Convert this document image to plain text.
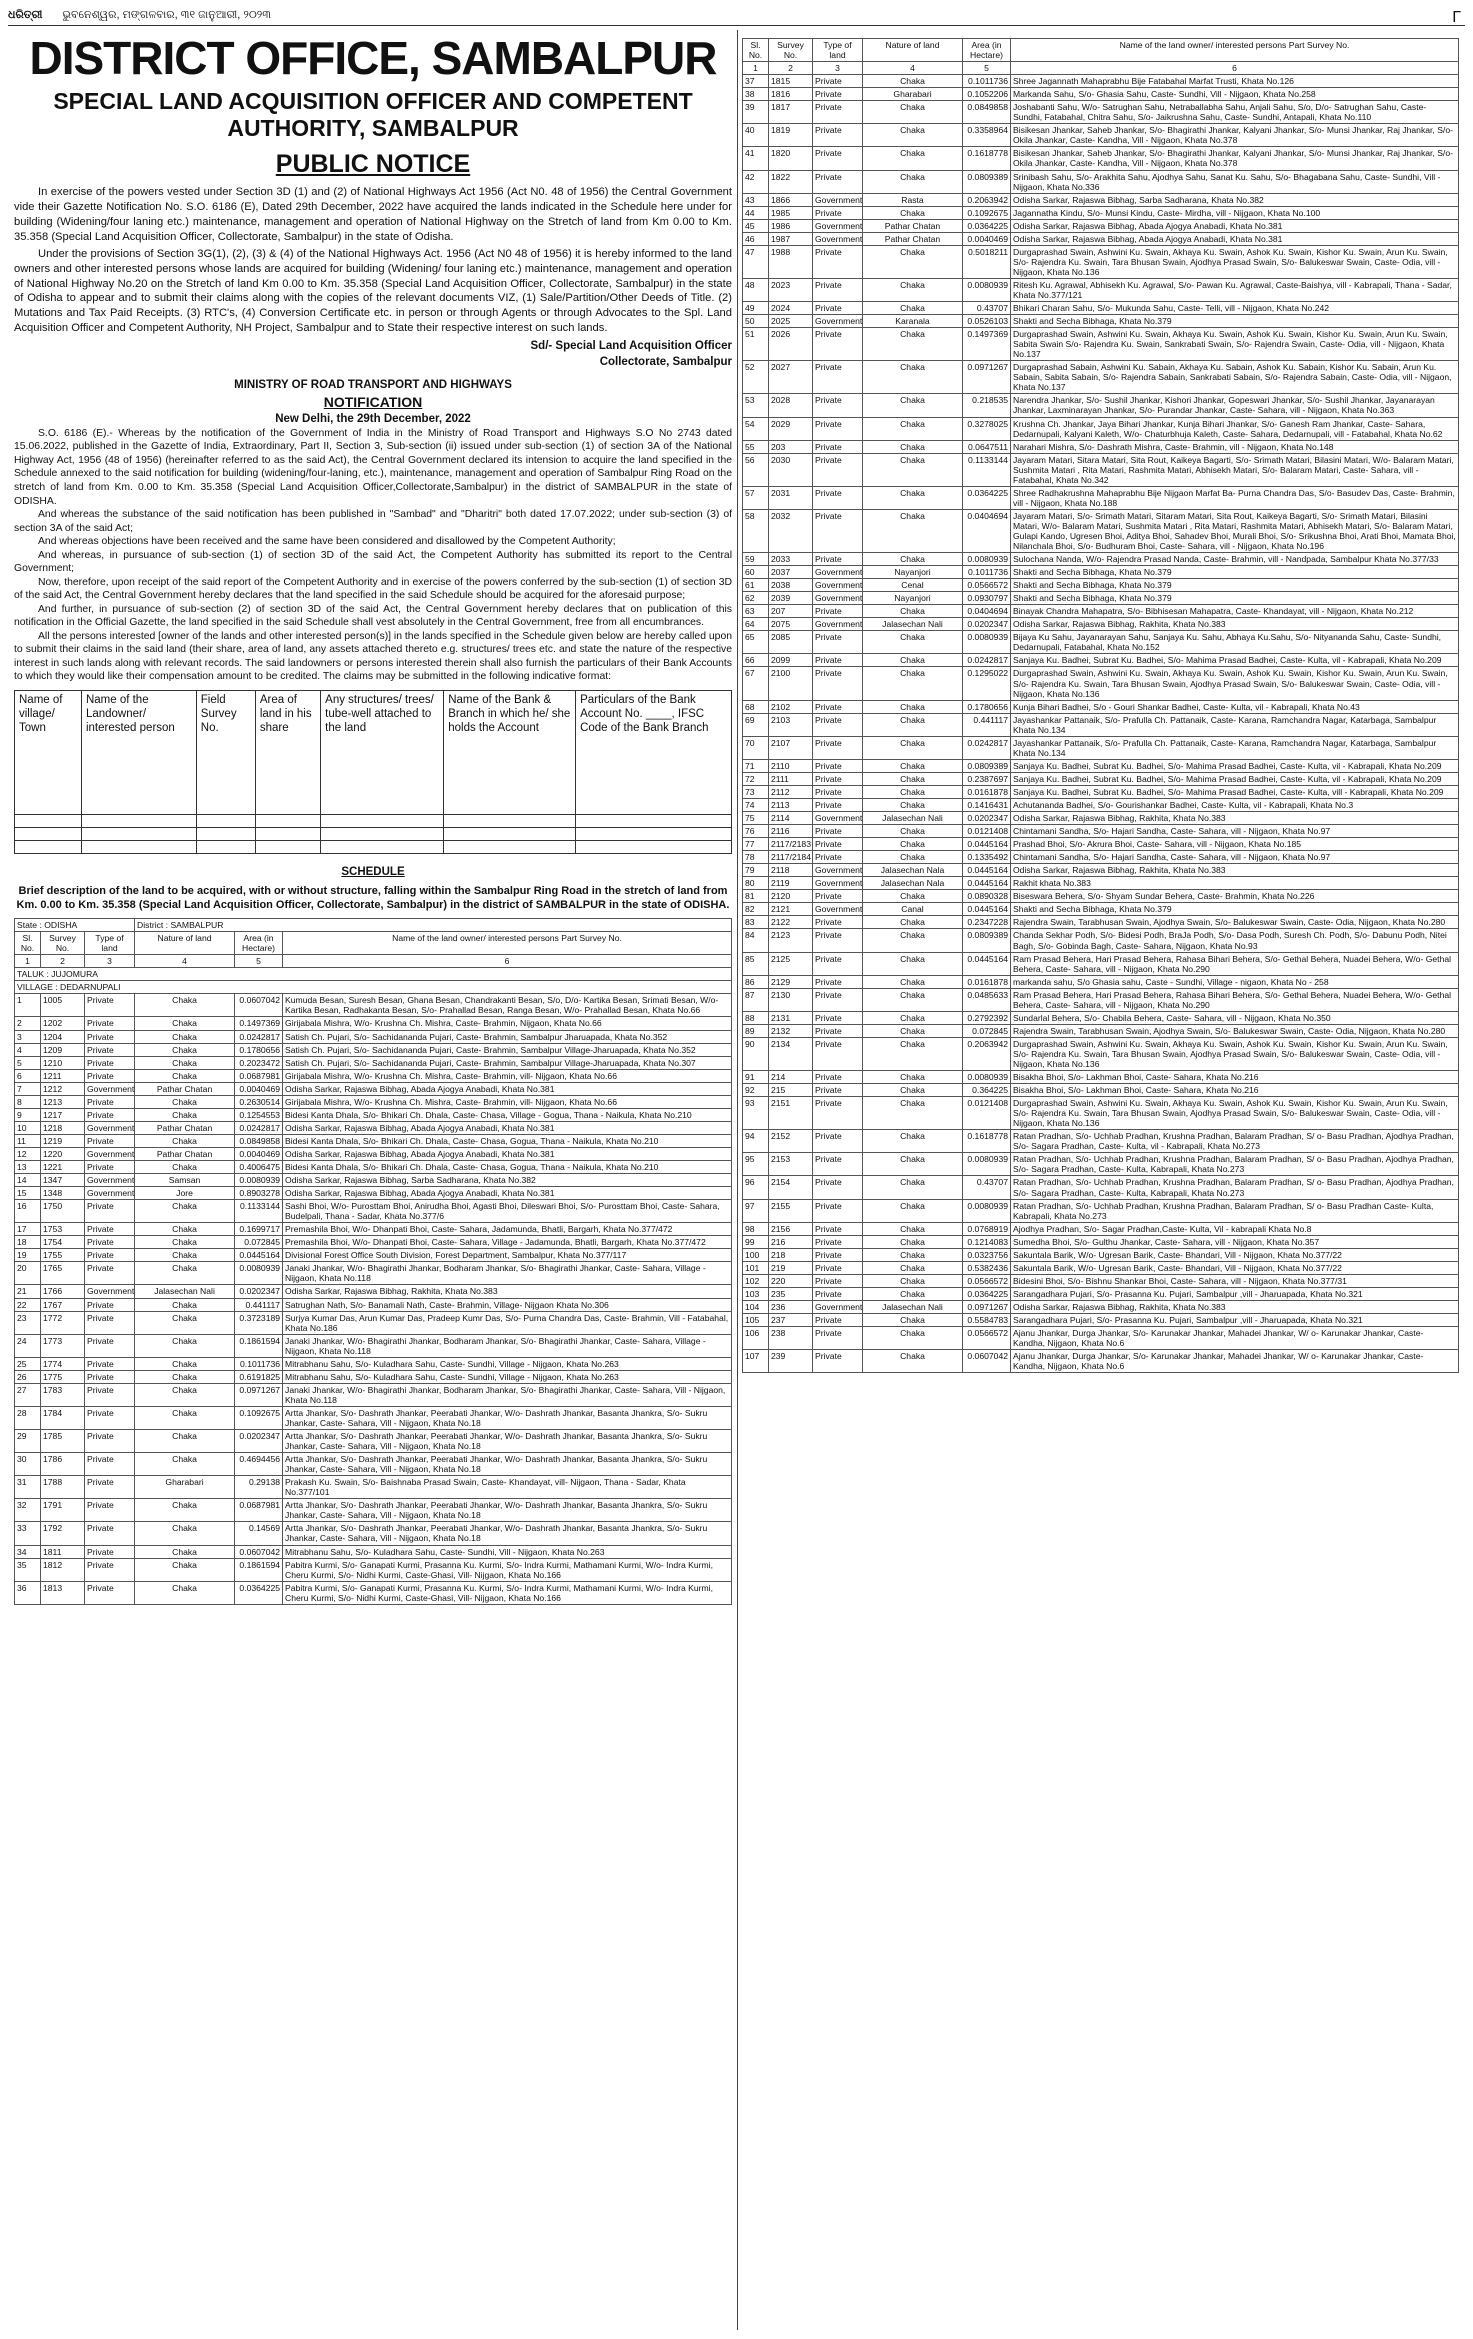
ଧରିତ୍ରୀ ଭୁବନେଶ୍ୱର, ମଙ୍ଗଳବାର, ୩୧ ଜାନୁଆରୀ, ୨୦୨୩	Γ
DISTRICT OFFICE, SAMBALPUR
SPECIAL LAND ACQUISITION OFFICER AND COMPETENT AUTHORITY, SAMBALPUR
PUBLIC NOTICE

In exercise of the powers vested under Section 3D (1) and (2) of National Highways Act 1956 (Act N0. 48 of 1956) the Central Government vide their Gazette Notification No. S.O. 6186 (E), Dated 29th December, 2022 have acquired the lands indicated in the Schedule here under for building (Widening/four laning etc.) maintenance, management and operation of National Highway on the Stretch of land from Km 0.00 to Km. 35.358 (Special Land Acquisition Officer, Collectorate, Sambalpur) in the state of Odisha.

Under the provisions of Section 3G(1), (2), (3) & (4) of the National Highways Act. 1956 (Act N0 48 of 1956) it is hereby informed to the land owners and other interested persons whose lands are acquired for building (Widening/ four laning etc.) maintenance, management and operation of National Highway No.20 on the Stretch of land Km 0.00 to Km. 35.358 (Special Land Acquisition Officer, Collectorate, Sambalpur) in the state of Odisha to appear and to submit their claims along with the copies of the relevant documents VIZ, (1) Sale/Partition/Other Deeds of Title. (2) Mutations and Tax Paid Receipts. (3) RTC's, (4) Conversion Certificate etc. in person or through Agents or through Advocates to the Spl. Land Acquisition Officer and Competent Authority, NH Project, Sambalpur and to State their respective interest on such lands.

Sd/- Special Land Acquisition Officer
Collectorate, Sambalpur
MINISTRY OF ROAD TRANSPORT AND HIGHWAYS
NOTIFICATION
New Delhi, the 29th December, 2022

S.O. 6186 (E).- Whereas by the notification of the Government of India in the Ministry of Road Transport and Highways S.O No 2743 dated 15.06.2022, published in the Gazette of India, Extraordinary, Part II, Section 3, Sub-section (ii) issued under sub-section (1) of section 3A of the National Highway Act, 1956 (48 of 1956) (hereinafter referred to as the said Act), the Central Government declared its intension to acquire the land specified in the Schedule annexed to the said notification for building (widening/four-laning, etc.), maintenance, management and operation of Sambalpur Ring Road on the stretch of land from Km. 0.00 to Km. 35.358 (Special Land Acquisition Officer,Collectorate,Sambalpur) in the district of SAMBALPUR in the state of ODISHA.

And whereas the substance of the said notification has been published in "Sambad" and "Dharitri" both dated 17.07.2022; under sub-section (3) of section 3A of the said Act;

And whereas objections have been received and the same have been considered and disallowed by the Competent Authority;

And whereas, in pursuance of sub-section (1) of section 3D of the said Act, the Competent Authority has submitted its report to the Central Government;

Now, therefore, upon receipt of the said report of the Competent Authority and in exercise of the powers conferred by the sub-section (1) of section 3D of the said Act, the Central Government hereby declares that the land specified in the said Schedule should be acquired for the aforesaid purpose;

And further, in pursuance of sub-section (2) of section 3D of the said Act, the Central Government hereby declares that on publication of this notification in the Official Gazette, the land specified in the said Schedule shall vest absolutely in the Central Government, free from all encumbrances.

All the persons interested [owner of the lands and other interested person(s)] in the lands specified in the Schedule given below are hereby called upon to submit their claims in the said land (their share, area of land, any assets attached thereto e.g. structures/ trees etc. and state the nature of the respective interest in such lands along with relevant records. The said landowners or persons interested therein shall also furnish the particulars of their Bank Accounts to which they would like their compensation amount to be credited. The claims may be submitted in the following indicative format:

Name of village/ Town	Name of the Landowner/ interested person	Field Survey No.	Area of land in his share	Any structures/ trees/ tube-well attached to the land	Name of the Bank & Branch in which he/ she holds the Account	Particulars of the Bank Account No. ____, IFSC Code of the Bank Branch

SCHEDULE
Brief description of the land to be acquired, with or without structure, falling within the Sambalpur Ring Road in the stretch of land from Km. 0.00 to Km. 35.358 (Special Land Acquisition Officer, Collectorate, Sambalpur) in the district of SAMBALPUR in the state of ODISHA.
State : ODISHA			District : SAMBALPUR		
Sl. No.	Survey No.	Type of land	Nature of land	Area (in Hectare)	Name of the land owner/ interested persons Part Survey No.
1	2	3	4	5	6
TALUK : JUJOMURA					
VILLAGE : DEDARNUPALI					
1	1005	Private	Chaka	0.0607042	Kumuda Besan, Suresh Besan, Ghana Besan, Chandrakanti Besan, S/o, D/o- Kartika Besan, Srimati Besan, W/o- Kartika Besan, Radhakanta Besan, S/o- Prahallad Besan, Ranga Besan, W/o- Prahallad Besan, Khata No.66
2	1202	Private	Chaka	0.1497369	Girijabala Mishra, W/o- Krushna Ch. Mishra, Caste- Brahmin, Nijgaon, Khata No.66
3	1204	Private	Chaka	0.0242817	Satish Ch. Pujari, S/o- Sachidananda Pujari, Caste- Brahmin, Sambalpur Jharuapada, Khata No.352
4	1209	Private	Chaka	0.1780656	Satish Ch. Pujari, S/o- Sachidananda Pujari, Caste- Brahmin, Sambalpur Village-Jharuapada, Khata No.352
5	1210	Private	Chaka	0.2023472	Satish Ch. Pujari, S/o- Sachidananda Pujari, Caste- Brahmin, Sambalpur Village-Jharuapada, Khata No.307
6	1211	Private	Chaka	0.0687981	Girijabala Mishra, W/o- Krushna Ch. Mishra, Caste- Brahmin, vill- Nijgaon, Khata No.66
7	1212	Government	Pathar Chatan	0.0040469	Odisha Sarkar, Rajaswa Bibhag, Abada Ajogya Anabadi, Khata No.381
8	1213	Private	Chaka	0.2630514	Girijabala Mishra, W/o- Krushna Ch. Mishra, Caste- Brahmin, vill- Nijgaon, Khata No.66
9	1217	Private	Chaka	0.1254553	Bidesi Kanta Dhala, S/o- Bhikari Ch. Dhala, Caste- Chasa, Village - Gogua, Thana - Naikula, Khata No.210
10	1218	Government	Pathar Chatan	0.0242817	Odisha Sarkar, Rajaswa Bibhag, Abada Ajogya Anabadi, Khata No.381
11	1219	Private	Chaka	0.0849858	Bidesi Kanta Dhala, S/o- Bhikari Ch. Dhala, Caste- Chasa, Gogua, Thana - Naikula, Khata No.210
12	1220	Government	Pathar Chatan	0.0040469	Odisha Sarkar, Rajaswa Bibhag, Abada Ajogya Anabadi, Khata No.381
13	1221	Private	Chaka	0.4006475	Bidesi Kanta Dhala, S/o- Bhikari Ch. Dhala, Caste- Chasa, Gogua, Thana - Naikula, Khata No.210
14	1347	Government	Samsan	0.0080939	Odisha Sarkar, Rajaswa Bibhag, Sarba Sadharana, Khata No.382
15	1348	Government	Jore	0.8903278	Odisha Sarkar, Rajaswa Bibhag, Abada Ajogya Anabadi, Khata No.381
16	1750	Private	Chaka	0.1133144	Sashi Bhoi, W/o- Purosttam Bhoi, Anirudha Bhoi, Agasti Bhoi, Dileswari Bhoi, S/o- Purosttam Bhoi, Caste- Sahara, Budelpali, Thana - Sadar, Khata No.377/6
17	1753	Private	Chaka	0.1699717	Premashila Bhoi, W/o- Dhanpati Bhoi, Caste- Sahara, Jadamunda, Bhatli, Bargarh, Khata No.377/472
18	1754	Private	Chaka	0.072845	Premashila Bhoi, W/o- Dhanpati Bhoi, Caste- Sahara, Village - Jadamunda, Bhatli, Bargarh, Khata No.377/472
19	1755	Private	Chaka	0.0445164	Divisional Forest Office South Division, Forest Department, Sambalpur, Khata No.377/117
20	1765	Private	Chaka	0.0080939	Janaki Jhankar, W/o- Bhagirathi Jhankar, Bodharam Jhankar, S/o- Bhagirathi Jhankar, Caste- Sahara, Village - Nijgaon, Khata No.118
21	1766	Government	Jalasechan Nali	0.0202347	Odisha Sarkar, Rajaswa Bibhag, Rakhita, Khata No.383
22	1767	Private	Chaka	0.441117	Satrughan Nath, S/o- Banamali Nath, Caste- Brahmin, Village- Nijgaon Khata No.306
23	1772	Private	Chaka	0.3723189	Surjya Kumar Das, Arun Kumar Das, Pradeep Kumr Das, S/o- Purna Chandra Das, Caste- Brahmin, Vill - Fatabahal, Khata No.186
24	1773	Private	Chaka	0.1861594	Janaki Jhankar, W/o- Bhagirathi Jhankar, Bodharam Jhankar, S/o- Bhagirathi Jhankar, Caste- Sahara, Village - Nijgaon, Khata No.118
25	1774	Private	Chaka	0.1011736	Mitrabhanu Sahu, S/o- Kuladhara Sahu, Caste- Sundhi, Village - Nijgaon, Khata No.263
26	1775	Private	Chaka	0.6191825	Mitrabhanu Sahu, S/o- Kuladhara Sahu, Caste- Sundhi, Village - Nijgaon, Khata No.263
27	1783	Private	Chaka	0.0971267	Janaki Jhankar, W/o- Bhagirathi Jhankar, Bodharam Jhankar, S/o- Bhagirathi Jhankar, Caste- Sahara, Vill - Nijgaon, Khata No.118
28	1784	Private	Chaka	0.1092675	Artta Jhankar, S/o- Dashrath Jhankar, Peerabati Jhankar, W/o- Dashrath Jhankar, Basanta Jhankra, S/o- Sukru Jhankar, Caste- Sahara, Vill - Nijgaon, Khata No.18
29	1785	Private	Chaka	0.0202347	Artta Jhankar, S/o- Dashrath Jhankar, Peerabati Jhankar, W/o- Dashrath Jhankar, Basanta Jhankra, S/o- Sukru Jhankar, Caste- Sahara, Vill - Nijgaon, Khata No.18
30	1786	Private	Chaka	0.4694456	Artta Jhankar, S/o- Dashrath Jhankar, Peerabati Jhankar, W/o- Dashrath Jhankar, Basanta Jhankra, S/o- Sukru Jhankar, Caste- Sahara, Vill - Nijgaon, Khata No.18
31	1788	Private	Gharabari	0.29138	Prakash Ku. Swain, S/o- Baishnaba Prasad Swain, Caste- Khandayat, vill- Nijgaon, Thana - Sadar, Khata No.377/101
32	1791	Private	Chaka	0.0687981	Artta Jhankar, S/o- Dashrath Jhankar, Peerabati Jhankar, W/o- Dashrath Jhankar, Basanta Jhankra, S/o- Sukru Jhankar, Caste- Sahara, Vill - Nijgaon, Khata No.18
33	1792	Private	Chaka	0.14569	Artta Jhankar, S/o- Dashrath Jhankar, Peerabati Jhankar, W/o- Dashrath Jhankar, Basanta Jhankra, S/o- Sukru Jhankar, Caste- Sahara, Vill - Nijgaon, Khata No.18
34	1811	Private	Chaka	0.0607042	Mitrabhanu Sahu, S/o- Kuladhara Sahu, Caste- Sundhi, Vill - Nijgaon, Khata No.263
35	1812	Private	Chaka	0.1861594	Pabitra Kurmi, S/o- Ganapati Kurmi, Prasanna Ku. Kurmi, S/o- Indra Kurmi, Mathamani Kurmi, W/o- Indra Kurmi, Cheru Kurmi, S/o- Nidhi Kurmi, Caste-Ghasi, Vill- Nijgaon, Khata No.166
36	1813	Private	Chaka	0.0364225	Pabitra Kurmi, S/o- Ganapati Kurmi, Prasanna Ku. Kurmi, S/o- Indra Kurmi, Mathamani Kurmi, W/o- Indra Kurmi, Cheru Kurmi, S/o- Nidhi Kurmi, Caste-Ghasi, Vill- Nijgaon, Khata No.166
Sl. No.	Survey No.	Type of land	Nature of land	Area (in Hectare)	Name of the land owner/ interested persons Part Survey No.
1	2	3	4	5	6
37	1815	Private	Chaka	0.1011736	Shree Jagannath Mahaprabhu Bije Fatabahal Marfat Trusti, Khata No.126
38	1816	Private	Gharabari	0.1052206	Markanda Sahu, S/o- Ghasia Sahu, Caste- Sundhi, Vill - Nijgaon, Khata No.258
39	1817	Private	Chaka	0.0849858	Joshabanti Sahu, W/o- Satrughan Sahu, Netraballabha Sahu, Anjali Sahu, S/o, D/o- Satrughan Sahu, Caste- Sundhi, Fatabahal, Chitra Sahu, S/o- Jaikrushna Sahu, Caste- Sundhi, Antapali, Khata No.110
40	1819	Private	Chaka	0.3358964	Bisikesan Jhankar, Saheb Jhankar, S/o- Bhagirathi Jhankar, Kalyani Jhankar, S/o- Munsi Jhankar, Raj Jhankar, S/o- Okila Jhankar, Caste- Kandha, Vill - Nijgaon, Khata No.378
41	1820	Private	Chaka	0.1618778	Bisikesan Jhankar, Saheb Jhankar, S/o- Bhagirathi Jhankar, Kalyani Jhankar, S/o- Munsi Jhankar, Raj Jhankar, S/o- Okila Jhankar, Caste- Kandha, Vill - Nijgaon, Khata No.378
42	1822	Private	Chaka	0.0809389	Srinibash Sahu, S/o- Arakhita Sahu, Ajodhya Sahu, Sanat Ku. Sahu, S/o- Bhagabana Sahu, Caste- Sundhi, Vill - Nijgaon, Khata No.336
43	1866	Government	Rasta	0.2063942	Odisha Sarkar, Rajaswa Bibhag, Sarba Sadharana, Khata No.382
44	1985	Private	Chaka	0.1092675	Jagannatha Kindu, S/o- Munsi Kindu, Caste- Mirdha, vill - Nijgaon, Khata No.100
45	1986	Government	Pathar Chatan	0.0364225	Odisha Sarkar, Rajaswa Bibhag, Abada Ajogya Anabadi, Khata No.381
46	1987	Government	Pathar Chatan	0.0040469	Odisha Sarkar, Rajaswa Bibhag, Abada Ajogya Anabadi, Khata No.381
47	1988	Private	Chaka	0.5018211	Durgaprashad Swain, Ashwini Ku. Swain, Akhaya Ku. Swain, Ashok Ku. Swain, Kishor Ku. Swain, Arun Ku. Swain, S/o- Rajendra Ku. Swain, Tara Bhusan Swain, Ajodhya Prasad Swain, S/o- Balukeswar Swain, Caste- Odia, vill - Nijgaon, Khata No.136
48	2023	Private	Chaka	0.0080939	Ritesh Ku. Agrawal, Abhisekh Ku. Agrawal, S/o- Pawan Ku. Agrawal, Caste-Baishya, vill - Kabrapali, Thana - Sadar, Khata No.377/121
49	2024	Private	Chaka	0.43707	Bhikari Charan Sahu, S/o- Mukunda Sahu, Caste- Telli, vill - Nijgaon, Khata No.242
50	2025	Government	Karanala	0.0526103	Shakti and Secha Bibhaga, Khata No.379
51	2026	Private	Chaka	0.1497369	Durgaprashad Swain, Ashwini Ku. Swain, Akhaya Ku. Swain, Ashok Ku. Swain, Kishor Ku. Swain, Arun Ku. Swain, Sabita Swain S/o- Rajendra Ku. Swain, Sankrabati Swain, S/o- Rajendra Swain, Caste- Odia, vill - Nijgaon, Khata No.137
52	2027	Private	Chaka	0.0971267	Durgaprashad Sabain, Ashwini Ku. Sabain, Akhaya Ku. Sabain, Ashok Ku. Sabain, Kishor Ku. Sabain, Arun Ku. Sabain, Sabita Sabain, S/o- Rajendra Sabain, Sankrabati Sabain, S/o- Rajendra Sabain, Caste- Odia, vill - Nijgaon, Khata No.137
53	2028	Private	Chaka	0.218535	Narendra Jhankar, S/o- Sushil Jhankar, Kishori Jhankar, Gopeswari Jhankar, S/o- Sushil Jhankar, Jayanarayan Jhankar, Laxminarayan Jhankar, S/o- Purandar Jhankar, Caste- Sahara, vill - Nijgaon, Khata No.363
54	2029	Private	Chaka	0.3278025	Krushna Ch. Jhankar, Jaya Bihari Jhankar, Kunja Bihari Jhankar, S/o- Ganesh Ram Jhankar, Caste- Sahara, Dedarnupali, Kalyani Kaleth, W/o- Chaturbhuja Kaleth, Caste- Sahara, Dedarnupali, vill - Fatabahal, Khata No.62
55	203	Private	Chaka	0.0647511	Narahari Mishra, S/o- Dashrath Mishra, Caste- Brahmin, vill - Nijgaon, Khata No.148
56	2030	Private	Chaka	0.1133144	Jayaram Matari, Sitara Matari, Sita Rout, Kaikeya Bagarti, S/o- Srimath Matari, Bilasini Matari, W/o- Balaram Matari, Sushmita Matari , Rita Matari, Rashmita Matari, Abhisekh Matari, S/o- Balaram Matari, Caste- Sahara, vill - Fatabahal, Khata No.342
57	2031	Private	Chaka	0.0364225	Shree Radhakrushna Mahaprabhu Bije Nijgaon Marfat Ba- Purna Chandra Das, S/o- Basudev Das, Caste- Brahmin, vill - Nijgaon, Khata No.188
58	2032	Private	Chaka	0.0404694	Jayaram Matari, S/o- Srimath Matari, Sitaram Matari, Sita Rout, Kaikeya Bagarti, S/o- Srimath Matari, Bilasini Matari, W/o- Balaram Matari, Sushmita Matari , Rita Matari, Rashmita Matari, Abhisekh Matari, S/o- Balaram Matari, Gulapi Kando, Ugresen Bhoi, Aditya Bhoi, Sahadev Bhoi, Murali Bhoi, S/o- Srikushna Bhoi, Arati Bhoi, Mamata Bhoi, Nilanchala Bhoi, S/o- Budhuram Bhoi, Caste- Sahara, vill - Nijgaon, Khata No.196
59	2033	Private	Chaka	0.0080939	Sulochana Nanda, W/o- Rajendra Prasad Nanda, Caste- Brahmin, vill - Nandpada, Sambalpur Khata No.377/33
60	2037	Government	Nayanjori	0.1011736	Shakti and Secha Bibhaga, Khata No.379
61	2038	Government	Cenal	0.0566572	Shakti and Secha Bibhaga, Khata No.379
62	2039	Government	Nayanjori	0.0930797	Shakti and Secha Bibhaga, Khata No.379
63	207	Private	Chaka	0.0404694	Binayak Chandra Mahapatra, S/o- Bibhisesan Mahapatra, Caste- Khandayat, vill - Nijgaon, Khata No.212
64	2075	Government	Jalasechan Nali	0.0202347	Odisha Sarkar, Rajaswa Bibhag, Rakhita, Khata No.383
65	2085	Private	Chaka	0.0080939	Bijaya Ku Sahu, Jayanarayan Sahu, Sanjaya Ku. Sahu, Abhaya Ku.Sahu, S/o- Nityananda Sahu, Caste- Sundhi, Dedarnupali, Fatabahal, Khata No.152
66	2099	Private	Chaka	0.0242817	Sanjaya Ku. Badhei, Subrat Ku. Badhei, S/o- Mahima Prasad Badhei, Caste- Kulta, vil - Kabrapali, Khata No.209
67	2100	Private	Chaka	0.1295022	Durgaprashad Swain, Ashwini Ku. Swain, Akhaya Ku. Swain, Ashok Ku. Swain, Kishor Ku. Swain, Arun Ku. Swain, S/o- Rajendra Ku. Swain, Tara Bhusan Swain, Ajodhya Prasad Swain, S/o- Balukeswar Swain, Caste- Odia, vill - Nijgaon, Khata No.136
68	2102	Private	Chaka	0.1780656	Kunja Bihari Badhei, S/o - Gouri Shankar Badhei, Caste- Kulta, vil - Kabrapali, Khata No.43
69	2103	Private	Chaka	0.441117	Jayashankar Pattanaik, S/o- Prafulla Ch. Pattanaik, Caste- Karana, Ramchandra Nagar, Katarbaga, Sambalpur Khata No.134
70	2107	Private	Chaka	0.0242817	Jayashankar Pattanaik, S/o- Prafulla Ch. Pattanaik, Caste- Karana, Ramchandra Nagar, Katarbaga, Sambalpur Khata No.134
71	2110	Private	Chaka	0.0809389	Sanjaya Ku. Badhei, Subrat Ku. Badhei, S/o- Mahima Prasad Badhei, Caste- Kulta, vil - Kabrapali, Khata No.209
72	2111	Private	Chaka	0.2387697	Sanjaya Ku. Badhei, Subrat Ku. Badhei, S/o- Mahima Prasad Badhei, Caste- Kulta, vil - Kabrapali, Khata No.209
73	2112	Private	Chaka	0.0161878	Sanjaya Ku. Badhei, Subrat Ku. Badhei, S/o- Mahima Prasad Badhei, Caste- Kulta, vill - Kabrapali, Khata No.209
74	2113	Private	Chaka	0.1416431	Achutananda Badhei, S/o- Gourishankar Badhei, Caste- Kulta, vil - Kabrapali, Khata No.3
75	2114	Government	Jalasechan Nali	0.0202347	Odisha Sarkar, Rajaswa Bibhag, Rakhita, Khata No.383
76	2116	Private	Chaka	0.0121408	Chintamani Sandha, S/o- Hajari Sandha, Caste- Sahara, vill - Nijgaon, Khata No.97
77	2117/2183	Private	Chaka	0.0445164	Prashad Bhoi, S/o- Akrura Bhoi, Caste- Sahara, vill - Nijgaon, Khata No.185
78	2117/2184	Private	Chaka	0.1335492	Chintamani Sandha, S/o- Hajari Sandha, Caste- Sahara, vill - Nijgaon, Khata No.97
79	2118	Government	Jalasechan Nala	0.0445164	Odisha Sarkar, Rajaswa Bibhag, Rakhita, Khata No.383
80	2119	Government	Jalasechan Nala	0.0445164	Rakhit khata No.383
81	2120	Private	Chaka	0.0890328	Biseswara Behera, S/o- Shyam Sundar Behera, Caste- Brahmin, Khata No.226
82	2121	Government	Canal	0.0445164	Shakti and Secha Bibhaga, Khata No.379
83	2122	Private	Chaka	0.2347228	Rajendra Swain, Tarabhusan Swain, Ajodhya Swain, S/o- Balukeswar Swain, Caste- Odia, Nijgaon, Khata No.280
84	2123	Private	Chaka	0.0809389	Chanda Sekhar Podh, S/o- Bidesi Podh, BraJa Podh, S/o- Dasa Podh, Suresh Ch. Podh, S/o- Dabunu Podh, Nitei Bagh, S/o- Gobinda Bagh, Caste- Sahara, Nijgaon, Khata No.93
85	2125	Private	Chaka	0.0445164	Ram Prasad Behera, Hari Prasad Behera, Rahasa Bihari Behera, S/o- Gethal Behera, Nuadei Behera, W/o- Gethal Behera, Caste- Sahara, vill - Nijgaon, Khata No.290
86	2129	Private	Chaka	0.0161878	markanda sahu, S/o Ghasia sahu, Caste - Sundhi, Village - nigaon, Khata No - 258
87	2130	Private	Chaka	0.0485633	Ram Prasad Behera, Hari Prasad Behera, Rahasa Bihari Behera, S/o- Gethal Behera, Nuadei Behera, W/o- Gethal Behera, Caste- Sahara, vill - Nijgaon, Khata No.290
88	2131	Private	Chaka	0.2792392	Sundarlal Behera, S/o- Chabila Behera, Caste- Sahara, vill - Nijgaon, Khata No.350
89	2132	Private	Chaka	0.072845	Rajendra Swain, Tarabhusan Swain, Ajodhya Swain, S/o- Balukeswar Swain, Caste- Odia, Nijgaon, Khata No.280
90	2134	Private	Chaka	0.2063942	Durgaprashad Swain, Ashwini Ku. Swain, Akhaya Ku. Swain, Ashok Ku. Swain, Kishor Ku. Swain, Arun Ku. Swain, S/o- Rajendra Ku. Swain, Tara Bhusan Swain, Ajodhya Prasad Swain, S/o- Balukeswar Swain, Caste- Odia, vill - Nijgaon, Khata No.136
91	214	Private	Chaka	0.0080939	Bisakha Bhoi, S/o- Lakhman Bhoi, Caste- Sahara, Khata No.216
92	215	Private	Chaka	0.364225	Bisakha Bhoi, S/o- Lakhman Bhoi, Caste- Sahara, Khata No.216
93	2151	Private	Chaka	0.0121408	Durgaprashad Swain, Ashwini Ku. Swain, Akhaya Ku. Swain, Ashok Ku. Swain, Kishor Ku. Swain, Arun Ku. Swain, S/o- Rajendra Ku. Swain, Tara Bhusan Swain, Ajodhya Prasad Swain, S/o- Balukeswar Swain, Caste- Odia, vill - Nijgaon, Khata No.136
94	2152	Private	Chaka	0.1618778	Ratan Pradhan, S/o- Uchhab Pradhan, Krushna Pradhan, Balaram Pradhan, S/ o- Basu Pradhan, Ajodhya Pradhan, S/o- Sagara Pradhan, Caste- Kulta, vil - Kabrapali, Khata No.273
95	2153	Private	Chaka	0.0080939	Ratan Pradhan, S/o- Uchhab Pradhan, Krushna Pradhan, Balaram Pradhan, S/ o- Basu Pradhan, Ajodhya Pradhan, S/o- Sagara Pradhan, Caste- Kulta, Kabrapali, Khata No.273
96	2154	Private	Chaka	0.43707	Ratan Pradhan, S/o- Uchhab Pradhan, Krushna Pradhan, Balaram Pradhan, S/ o- Basu Pradhan, Ajodhya Pradhan, S/o- Sagara Pradhan, Caste- Kulta, Kabrapali, Khata No.273
97	2155	Private	Chaka	0.0080939	Ratan Pradhan, S/o- Uchhab Pradhan, Krushna Pradhan, Balaram Pradhan, S/ o- Basu Pradhan Caste- Kulta, Kabrapali, Khata No.273
98	2156	Private	Chaka	0.0768919	Ajodhya Pradhan, S/o- Sagar Pradhan,Caste- Kulta, Vil - kabrapali Khata No.8
99	216	Private	Chaka	0.1214083	Sumedha Bhoi, S/o- Gulthu Jhankar, Caste- Sahara, vill - Nijgaon, Khata No.357
100	218	Private	Chaka	0.0323756	Sakuntala Barik, W/o- Ugresan Barik, Caste- Bhandari, Vill - Nijgaon, Khata No.377/22
101	219	Private	Chaka	0.5382436	Sakuntala Barik, W/o- Ugresan Barik, Caste- Bhandari, Vill - Nijgaon, Khata No.377/22
102	220	Private	Chaka	0.0566572	Bidesini Bhoi, S/o- Bishnu Shankar Bhoi, Caste- Sahara, vill - Nijgaon, Khata No.377/31
103	235	Private	Chaka	0.0364225	Sarangadhara Pujari, S/o- Prasanna Ku. Pujari, Sambalpur ,vill - Jharuapada, Khata No.321
104	236	Government	Jalasechan Nali	0.0971267	Odisha Sarkar, Rajaswa Bibhag, Rakhita, Khata No.383
105	237	Private	Chaka	0.5584783	Sarangadhara Pujari, S/o- Prasanna Ku. Pujari, Sambalpur ,vill - Jharuapada, Khata No.321
106	238	Private	Chaka	0.0566572	Ajanu Jhankar, Durga Jhankar, S/o- Karunakar Jhankar, Mahadei Jhankar, W/ o- Karunakar Jhankar, Caste- Kandha, Nijgaon, Khata No.6
107	239	Private	Chaka	0.0607042	Ajanu Jhankar, Durga Jhankar, S/o- Karunakar Jhankar, Mahadei Jhankar, W/ o- Karunakar Jhankar, Caste- Kandha, Nijgaon, Khata No.6
